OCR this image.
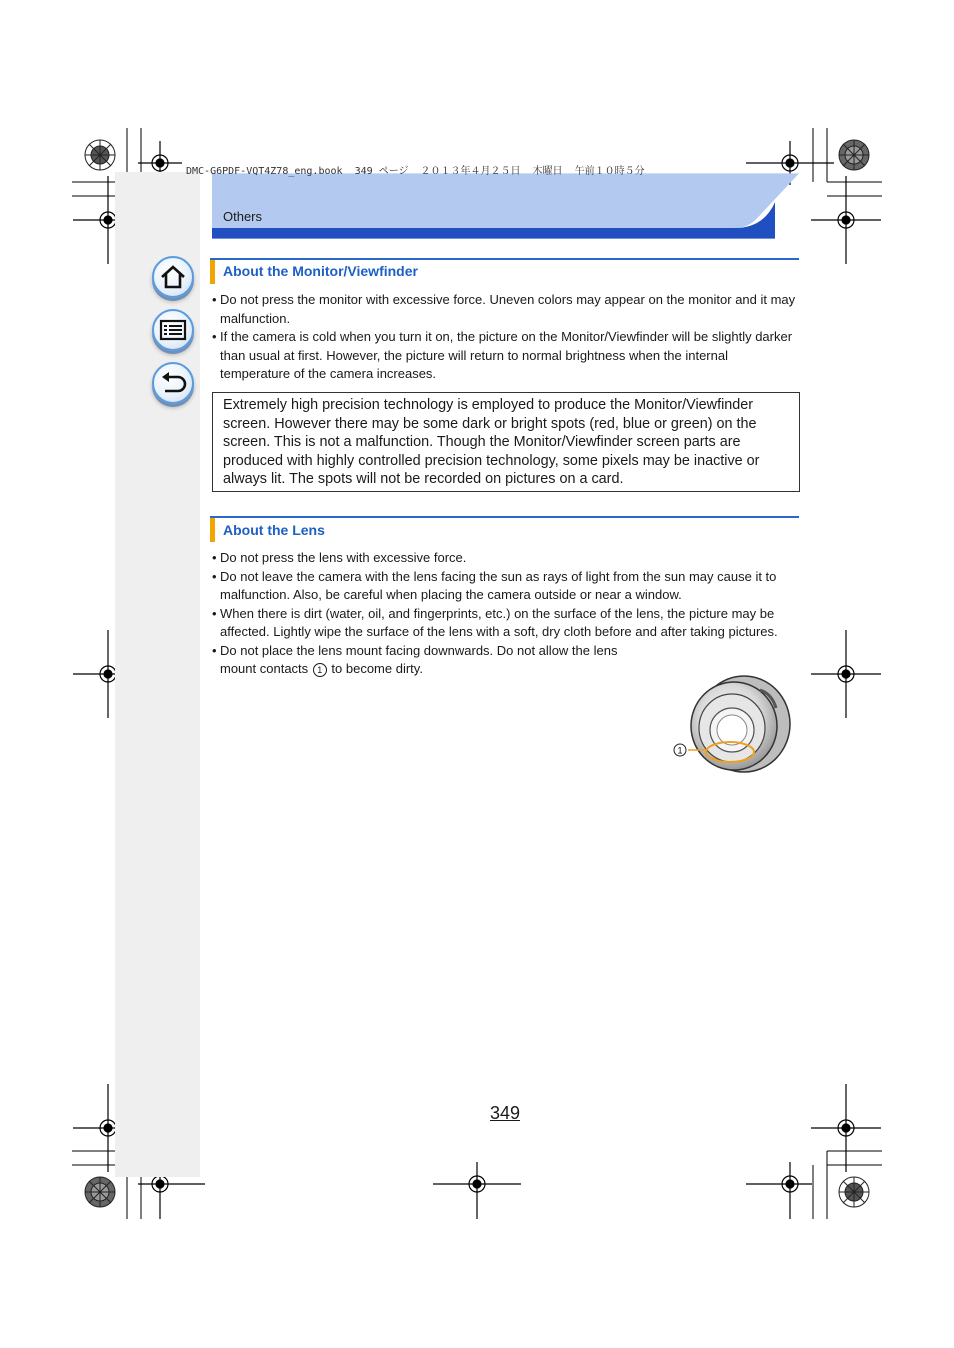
DMC-G6PDF-VQT4Z78_eng.book  349 ページ  ２０１３年４月２５日  木曜日  午前１０時５分
Others
About the Monitor/Viewfinder
• Do not press the monitor with excessive force. Uneven colors may appear on the monitor and it may malfunction.
• If the camera is cold when you turn it on, the picture on the Monitor/Viewfinder will be slightly darker than usual at first. However, the picture will return to normal brightness when the internal temperature of the camera increases.
Extremely high precision technology is employed to produce the Monitor/Viewfinder screen. However there may be some dark or bright spots (red, blue or green) on the screen. This is not a malfunction. Though the Monitor/Viewfinder screen parts are produced with highly controlled precision technology, some pixels may be inactive or always lit. The spots will not be recorded on pictures on a card.
About the Lens
• Do not press the lens with excessive force.
• Do not leave the camera with the lens facing the sun as rays of light from the sun may cause it to malfunction. Also, be careful when placing the camera outside or near a window.
• When there is dirt (water, oil, and fingerprints, etc.) on the surface of the lens, the picture may be affected. Lightly wipe the surface of the lens with a soft, dry cloth before and after taking pictures.
• Do not place the lens mount facing downwards. Do not allow the lens mount contacts 1 to become dirty.
1
349
